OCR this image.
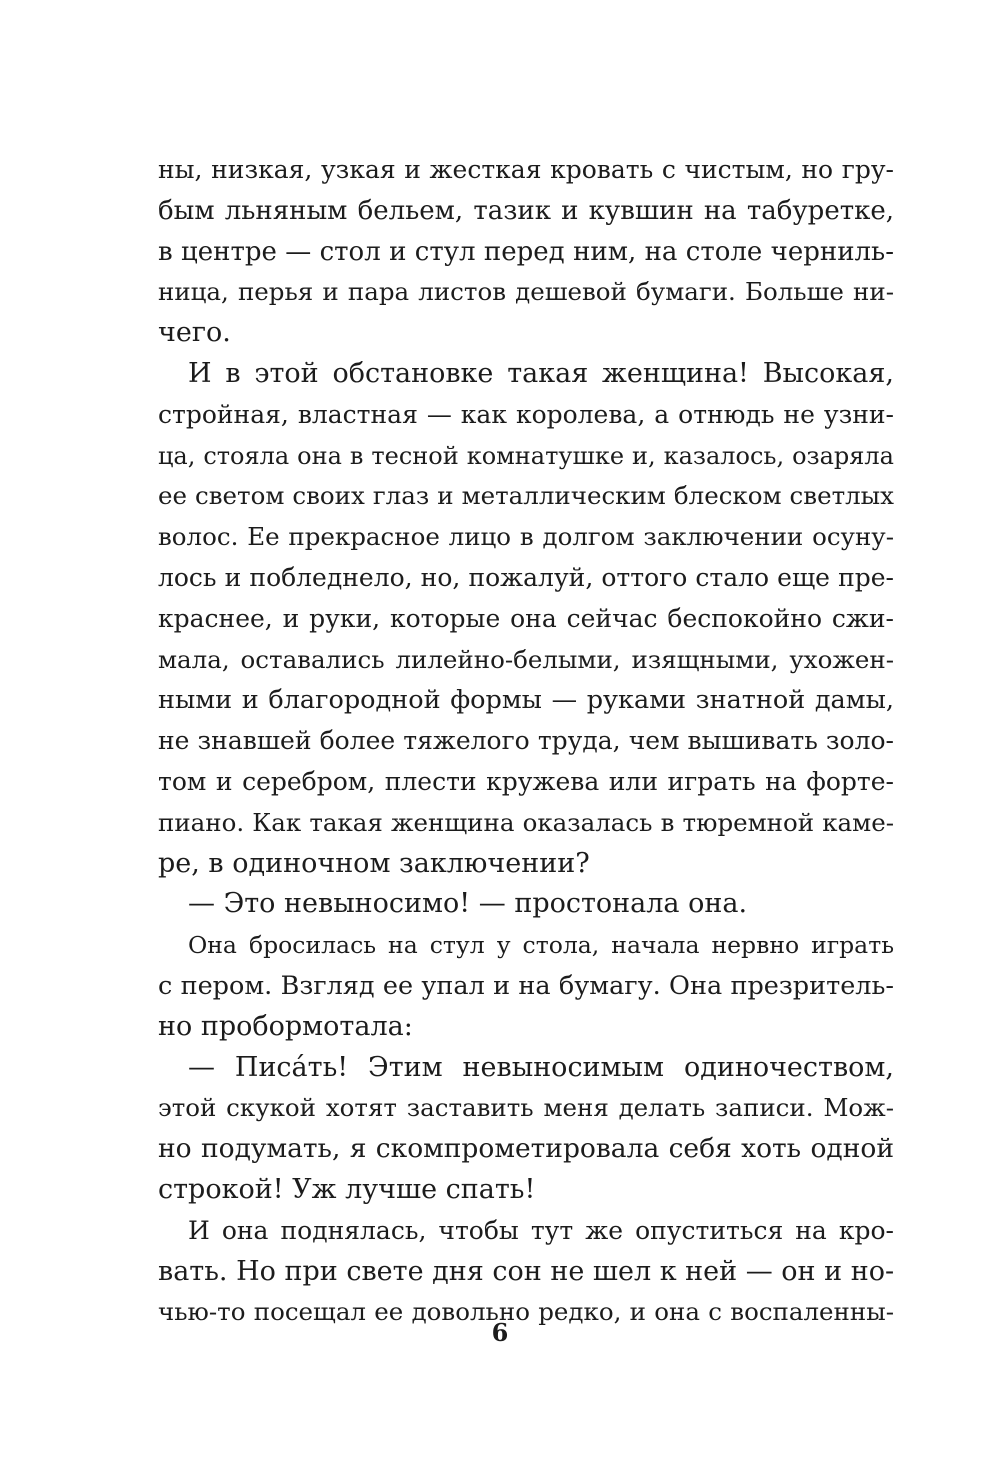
ны, низкая, узкая и жесткая кровать с чистым, но гру-
бым льняным бельем, тазик и кувшин на табуретке,
в центре — стол и стул перед ним, на столе черниль-
ница, перья и пара листов дешевой бумаги. Больше ни-
чего.
И в этой обстановке такая женщина! Высокая,
стройная, властная — как королева, а отнюдь не узни-
ца, стояла она в тесной комнатушке и, казалось, озаряла
ее светом своих глаз и металлическим блеском светлых
волос. Ее прекрасное лицо в долгом заключении осуну-
лось и побледнело, но, пожалуй, оттого стало еще пре-
краснее, и руки, которые она сейчас беспокойно сжи-
мала, оставались лилейно-белыми, изящными, ухожен-
ными и благородной формы — руками знатной дамы,
не знавшей более тяжелого труда, чем вышивать золо-
том и серебром, плести кружева или играть на форте-
пиано. Как такая женщина оказалась в тюремной каме-
ре, в одиночном заключении?
— Это невыносимо! — простонала она.
Она бросилась на стул у стола, начала нервно играть
с пером. Взгляд ее упал и на бумагу. Она презритель-
но пробормотала:
— Писа́ть! Этим невыносимым одиночеством,
этой скукой хотят заставить меня делать записи. Мож-
но подумать, я скомпрометировала себя хоть одной
строкой! Уж лучше спать!
И она поднялась, чтобы тут же опуститься на кро-
вать. Но при свете дня сон не шел к ней — он и но-
чью-то посещал ее довольно редко, и она с воспаленны-
6
